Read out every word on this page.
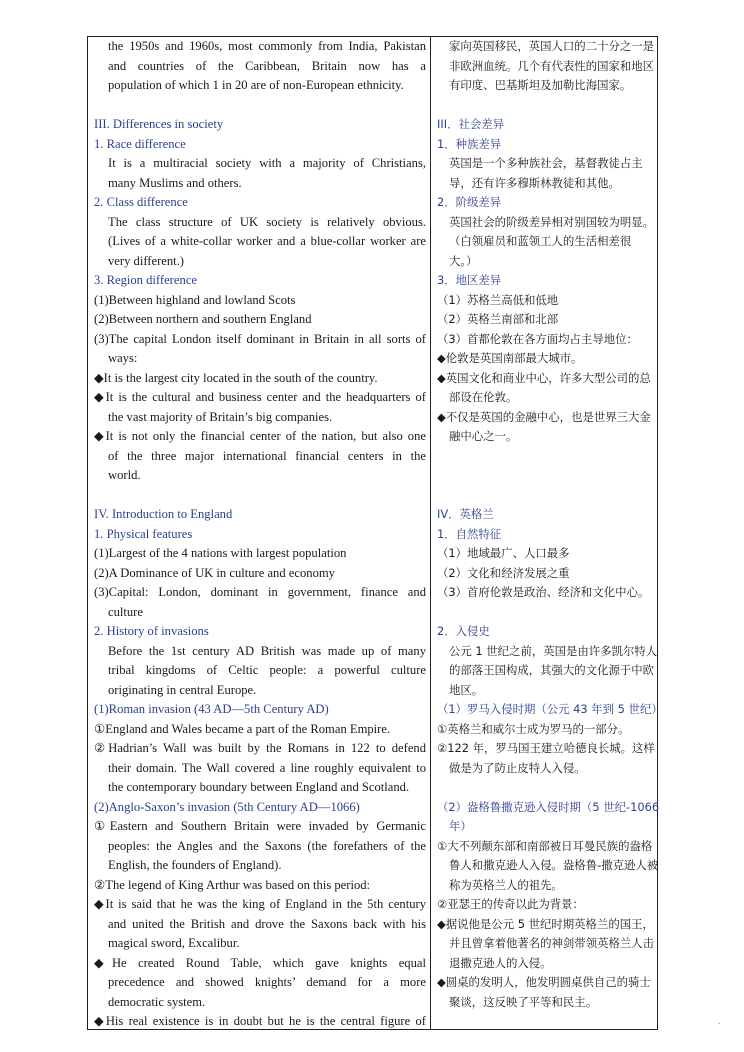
the 1950s and 1960s, most commonly from India, Pakistan
and countries of the Caribbean, Britain now has a
population of which 1 in 20 are of non-European ethnicity.
III. Differences in society
1. Race difference
It is a multiracial society with a majority of Christians,
many Muslims and others.
2. Class difference
The class structure of UK society is relatively obvious.
(Lives of a white-collar worker and a blue-collar worker are
very different.)
3. Region difference
(1)Between highland and lowland Scots
(2)Between northern and southern England
(3)The capital London itself dominant in Britain in all sorts of
ways:
◆It is the largest city located in the south of the country.
◆It is the cultural and business center and the headquarters of
the vast majority of Britain’s big companies.
◆It is not only the financial center of the nation, but also one
of the three major international financial centers in the
world.
IV. Introduction to England
1. Physical features
(1)Largest of the 4 nations with largest population
(2)A Dominance of UK in culture and economy
(3)Capital: London, dominant in government, finance and
culture
2. History of invasions
Before the 1st century AD British was made up of many
tribal kingdoms of Celtic people: a powerful culture
originating in central Europe.
(1)Roman invasion (43 AD—5th Century AD)
①England and Wales became a part of the Roman Empire.
②Hadrian’s Wall was built by the Romans in 122 to defend
their domain. The Wall covered a line roughly equivalent to
the contemporary boundary between England and Scotland.
(2)Anglo-Saxon’s invasion (5th Century AD—1066)
①Eastern and Southern Britain were invaded by Germanic
peoples: the Angles and the Saxons (the forefathers of the
English, the founders of England).
②The legend of King Arthur was based on this period:
◆It is said that he was the king of England in the 5th century
and united the British and drove the Saxons back with his
magical sword, Excalibur.
◆He created Round Table, which gave knights equal
precedence and showed knights’ demand for a more
democratic system.
◆His real existence is in doubt but he is the central figure of
家向英国移民，英国人口的二十分之一是
非欧洲血统。几个有代表性的国家和地区
有印度、巴基斯坦及加勒比海国家。
III．社会差异
1．种族差异
英国是一个多种族社会，基督教徒占主
导，还有许多穆斯林教徒和其他。
2．阶级差异
英国社会的阶级差异相对别国较为明显。
（白领雇员和蓝领工人的生活相差很
大。）
3．地区差异
（1）苏格兰高低和低地
（2）英格兰南部和北部
（3）首都伦敦在各方面均占主导地位：
◆伦敦是英国南部最大城市。
◆英国文化和商业中心，许多大型公司的总
部设在伦敦。
◆不仅是英国的金融中心，也是世界三大金
融中心之一。
IV．英格兰
1．自然特征
（1）地域最广、人口最多
（2）文化和经济发展之重
（3）首府伦敦是政治、经济和文化中心。
2．入侵史
公元 1 世纪之前，英国是由许多凯尔特人
的部落王国构成，其强大的文化源于中欧
地区。
（1）罗马入侵时期（公元 43 年到 5 世纪）
①英格兰和威尔士成为罗马的一部分。
②122 年，罗马国王建立哈德良长城。这样
做是为了防止皮特人入侵。
（2）盎格鲁撒克逊入侵时期（5 世纪-1066
年）
①大不列颠东部和南部被日耳曼民族的盎格
鲁人和撒克逊人入侵。盎格鲁-撒克逊人被
称为英格兰人的祖先。
②亚瑟王的传奇以此为背景：
◆据说他是公元 5 世纪时期英格兰的国王，
并且曾拿着他著名的神剑带领英格兰人击
退撒克逊人的入侵。
◆圆桌的发明人，他发明圆桌供自己的骑士
聚谈，这反映了平等和民主。
.
